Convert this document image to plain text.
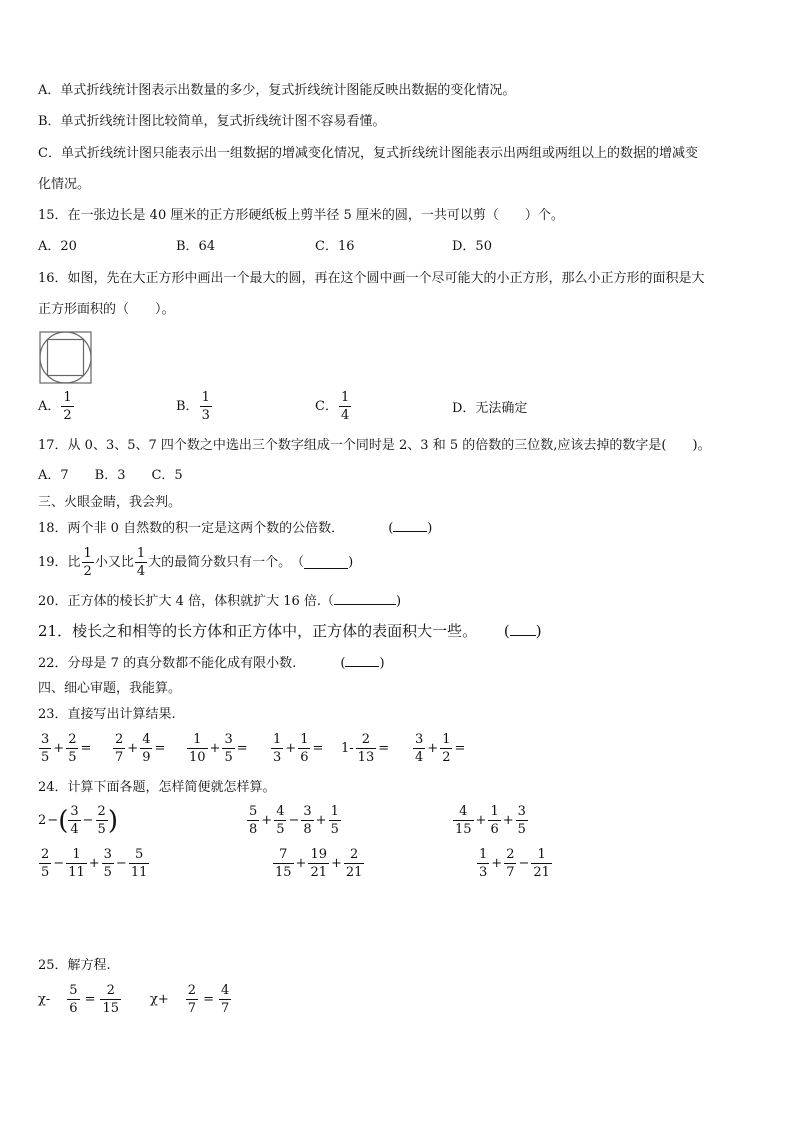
A．单式折线统计图表示出数量的多少，复式折线统计图能反映出数据的变化情况。
B．单式折线统计图比较简单，复式折线统计图不容易看懂。
C．单式折线统计图只能表示出一组数据的增减变化情况，复式折线统计图能表示出两组或两组以上的数据的增减变
化情况。
15．在一张边长是 40 厘米的正方形硬纸板上剪半径 5 厘米的圆，一共可以剪（　　）个。
A．20	B．64	C．16	D．50
16．如图，先在大正方形中画出一个最大的圆，再在这个圆中画一个尽可能大的小正方形，那么小正方形的面积是大
正方形面积的（　　）。
A． $\frac{1}{2}$	B． $\frac{1}{3}$	C． $\frac{1}{4}$	D．无法确定
17．从 0、3、5、7 四个数之中选出三个数字组成一个同时是 2、3 和 5 的倍数的三位数,应该去掉的数字是(　　)。
A．7　　B．3　　C．5
三、火眼金睛，我会判。
18．两个非 0 自然数的积一定是这两个数的公倍数．	(	)
19．比 $\frac{1}{2}$ 小又比 $\frac{1}{4}$ 大的最简分数只有一个。 （	)
20．正方体的棱长扩大 4 倍，体积就扩大 16 倍.（	)
21．棱长之和相等的长方体和正方体中，正方体的表面积大一些。 ( )
22．分母是 7 的真分数都不能化成有限小数.	(	)
四、细心审题，我能算。
23．直接写出计算结果.
$\frac{3}{5} + \frac{2}{5} = \frac{2}{7} + \frac{4}{9} = \frac{1}{10} + \frac{3}{5} = \frac{1}{3} + \frac{1}{6} = 1- \frac{2}{13} = \frac{3}{4} + \frac{1}{2}$ =
24．计算下面各题，怎样简便就怎样算。
2 − ( $\frac{3}{4} - \frac{2}{5}$ )	$\frac{5}{8} + \frac{4}{5} - \frac{3}{8} + \frac{1}{5}$	$\frac{4}{15} + \frac{1}{6} + \frac{3}{5}$
$\frac{2}{5} - \frac{1}{11} + \frac{3}{5} - \frac{5}{11}$	$\frac{7}{15} + \frac{19}{21} + \frac{2}{21}$	$\frac{1}{3} + \frac{2}{7} - \frac{1}{21}$
25．解方程.
$\chi- \frac{5}{6} = \frac{2}{15} \chi+ \frac{2}{7} = \frac{4}{7}$
